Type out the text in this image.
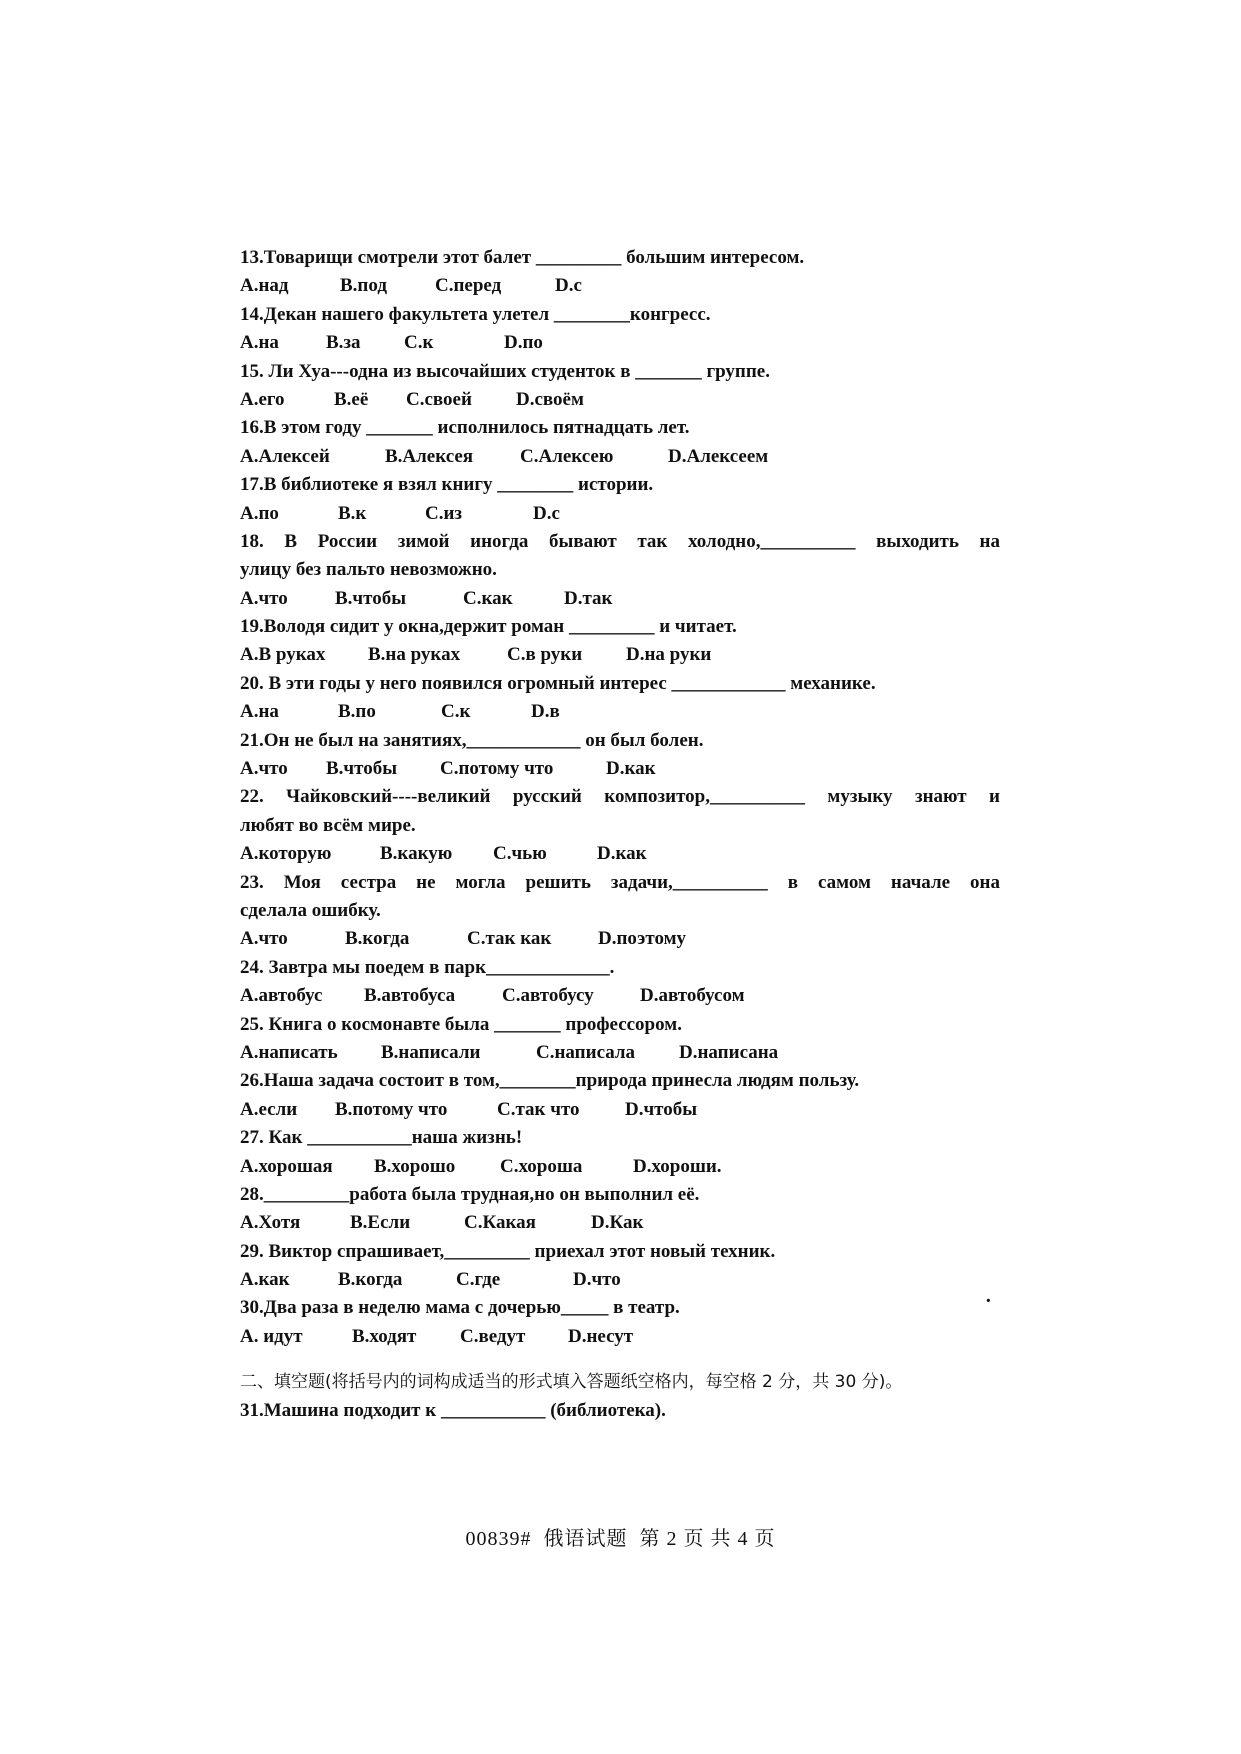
13.Товарищи смотрели этот балет _________ большим интересом.
А.над	В.под	С.перед	D.с
14.Декан нашего факультета улетел ________конгресс.
А.на	В.за	С.к	D.по
15. Ли Хуа---одна из высочайших студенток в _______ группе.
А.его	В.её	С.своей	D.своём
16.В этом году _______ исполнилось пятнадцать лет.
А.Алексей	В.Алексея	С.Алексею	D.Алексеем
17.В библиотеке я взял книгу ________ истории.
А.по	В.к	С.из	D.с
18. В России зимой иногда бывают так холодно,__________ выходить на
улицу без пальто невозможно.
А.что	В.чтобы	С.как	D.так
19.Володя сидит у окна,держит роман _________ и читает.
А.В руках	В.на руках	С.в руки	D.на руки
20. В эти годы у него появился огромный интерес ____________ механике.
А.на	В.по	С.к	D.в
21.Он не был на занятиях,____________ он был болен.
А.что	В.чтобы	С.потому что	D.как
22. Чайковский----великий русский композитор,__________ музыку знают и
любят во всём мире.
А.которую	В.какую	С.чью	D.как
23. Моя сестра не могла решить задачи,__________ в самом начале она
сделала ошибку.
А.что	В.когда	С.так как	D.поэтому
24. Завтра мы поедем в парк_____________.
А.автобус	В.автобуса	С.автобусу	D.автобусом
25. Книга о космонавте была _______ профессором.
А.написать	В.написали	С.написала	D.написана
26.Наша задача состоит в том,________природа принесла людям пользу.
А.если	В.потому что	С.так что	D.чтобы
27. Как ___________наша жизнь!
А.хорошая	В.хорошо	С.хороша	D.хороши.
28._________работа была трудная,но он выполнил её.
А.Хотя	В.Если	С.Какая	D.Как
29. Виктор спрашивает,_________ приехал этот новый техник.
А.как	В.когда	С.где	D.что
30.Два раза в неделю мама с дочерью_____ в театр.
А. идут	В.ходят	С.ведут	D.несут
二、填空题(将括号内的词构成适当的形式填入答题纸空格内，每空格 2 分，共 30 分)。
31.Машина подходит к ___________ (библиотека).
·
00839# 俄语试题 第 2 页 共 4 页
